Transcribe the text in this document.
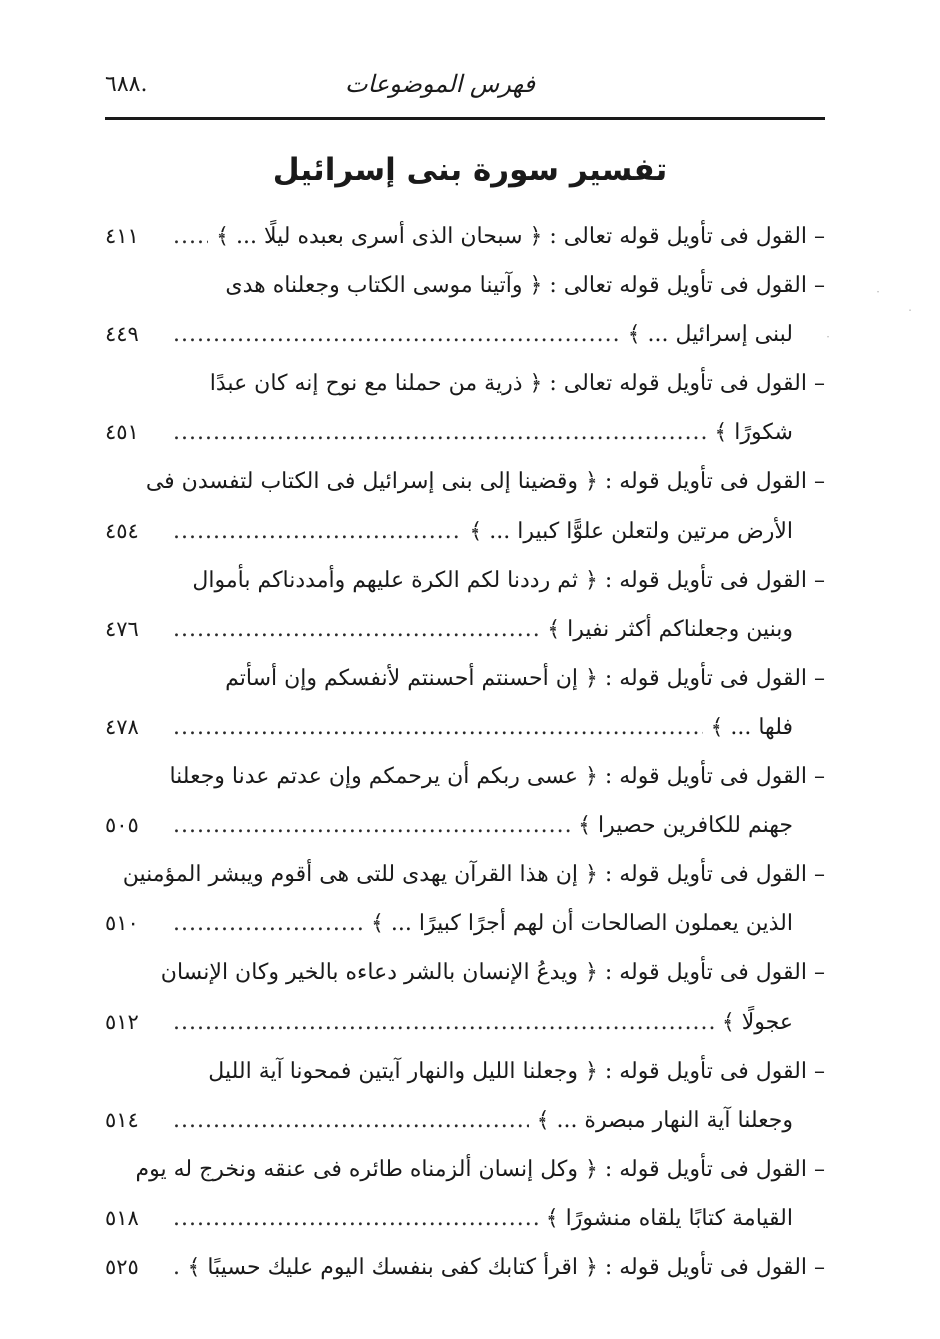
فهرس الموضوعات
.٦٨٨
تفسير سورة بنى إسرائيل
– القول فى تأويل قوله تعالى : ﴿ سبحان الذى أسرى بعبده ليلًا ... ﴾
.....
٤١١
– القول فى تأويل قوله تعالى : ﴿ وآتينا موسى الكتاب وجعلناه هدى
لبنى إسرائيل ... ﴾
.....
٤٤٩
– القول فى تأويل قوله تعالى : ﴿ ذرية من حملنا مع نوح إنه كان عبدًا
شكورًا ﴾
.....
٤٥١
– القول فى تأويل قوله : ﴿ وقضينا إلى بنى إسرائيل فى الكتاب لتفسدن فى
الأرض مرتين ولتعلن علوًّا كبيرا ... ﴾
.....
٤٥٤
– القول فى تأويل قوله : ﴿ ثم رددنا لكم الكرة عليهم وأمددناكم بأموال
وبنين وجعلناكم أكثر نفيرا ﴾
.....
٤٧٦
– القول فى تأويل قوله : ﴿ إن أحسنتم أحسنتم لأنفسكم وإن أسأتم
فلها ... ﴾
.....
٤٧٨
– القول فى تأويل قوله : ﴿ عسى ربكم أن يرحمكم وإن عدتم عدنا وجعلنا
جهنم للكافرين حصيرا ﴾
.....
٥٠٥
– القول فى تأويل قوله : ﴿ إن هذا القرآن يهدى للتى هى أقوم ويبشر المؤمنين
الذين يعملون الصالحات أن لهم أجرًا كبيرًا ... ﴾
.....
٥١٠
– القول فى تأويل قوله : ﴿ ويدعُ الإنسان بالشر دعاءه بالخير وكان الإنسان
عجولًا ﴾
.....
٥١٢
– القول فى تأويل قوله : ﴿ وجعلنا الليل والنهار آيتين فمحونا آية الليل
وجعلنا آية النهار مبصرة ... ﴾
.....
٥١٤
– القول فى تأويل قوله : ﴿ وكل إنسان ألزمناه طائره فى عنقه ونخرج له يوم
القيامة كتابًا يلقاه منشورًا ﴾
.....
٥١٨
– القول فى تأويل قوله : ﴿ اقرأ كتابك كفى بنفسك اليوم عليك حسيبًا ﴾
.....
٥٢٥
.
·
·
